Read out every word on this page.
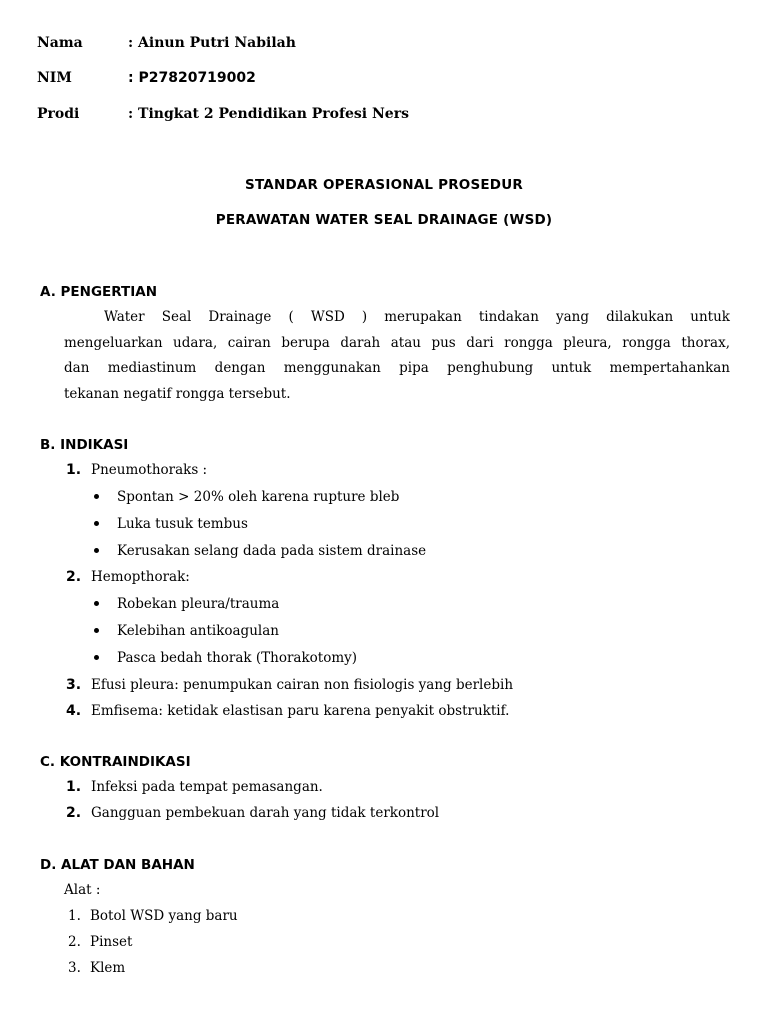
Nama	: Ainun Putri Nabilah
NIM	: P27820719002
Prodi	: Tingkat 2 Pendidikan Profesi Ners
STANDAR OPERASIONAL PROSEDUR
PERAWATAN WATER SEAL DRAINAGE (WSD)
A. PENGERTIAN
Water Seal Drainage ( WSD ) merupakan tindakan yang dilakukan untuk
mengeluarkan udara, cairan berupa darah atau pus dari rongga pleura, rongga thorax,
dan mediastinum dengan menggunakan pipa penghubung untuk mempertahankan
tekanan negatif rongga tersebut.
B. INDIKASI
1. Pneumothoraks :
Spontan > 20% oleh karena rupture bleb
Luka tusuk tembus
Kerusakan selang dada pada sistem drainase
2. Hemopthorak:
Robekan pleura/trauma
Kelebihan antikoagulan
Pasca bedah thorak (Thorakotomy)
3. Efusi pleura: penumpukan cairan non fisiologis yang berlebih
4. Emfisema: ketidak elastisan paru karena penyakit obstruktif.
C. KONTRAINDIKASI
1. Infeksi pada tempat pemasangan.
2. Gangguan pembekuan darah yang tidak terkontrol
D. ALAT DAN BAHAN
Alat :
1. Botol WSD yang baru
2. Pinset
3. Klem
